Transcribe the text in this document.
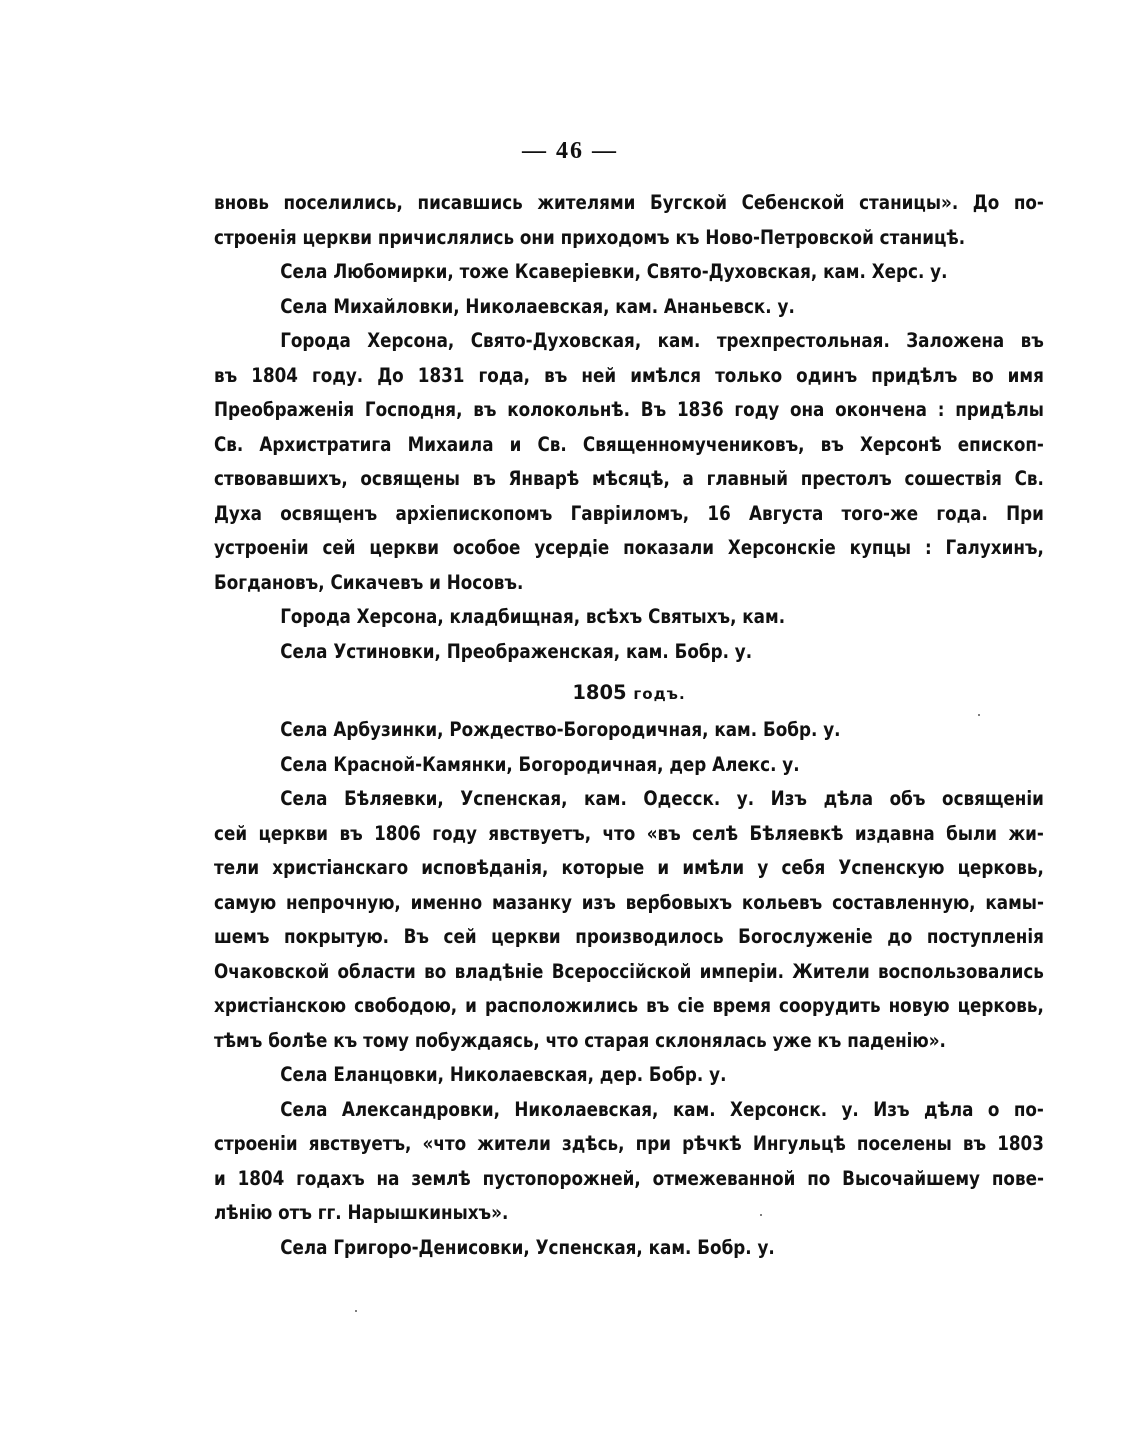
— 46 —
вновь поселились, писавшись жителями Бугской Себенской станицы». До по-
строенія церкви причислялись они приходомъ къ Ново-Петровской станицѣ.
Села Любомирки, тоже Ксаверіевки, Свято-Духовская, кам. Херс. у.
Села Михайловки, Николаевская, кам. Ананьевск. у.
Города Херсона, Свято-Духовская, кам. трехпрестольная. Заложена въ
въ 1804 году. До 1831 года, въ ней имѣлся только одинъ придѣлъ во имя
Преображенія Господня, въ колокольнѣ. Въ 1836 году она окончена : придѣлы
Св. Архистратига Михаила и Св. Священномучениковъ, въ Херсонѣ епископ-
ствовавшихъ, освящены въ Январѣ мѣсяцѣ, а главный престолъ сошествія Св.
Духа освященъ архіепископомъ Гавріиломъ, 16 Августа того-же года. При
устроеніи сей церкви особое усердіе показали Херсонскіе купцы : Галухинъ,
Богдановъ, Сикачевъ и Носовъ.
Города Херсона, кладбищная, всѣхъ Святыхъ, кам.
Села Устиновки, Преображенская, кам. Бобр. у.
1805 годъ.
Села Арбузинки, Рождество-Богородичная, кам. Бобр. у.
Села Красной-Камянки, Богородичная, дер Алекс. у.
Села Бѣляевки, Успенская, кам. Одесск. у. Изъ дѣла объ освященіи
сей церкви въ 1806 году явствуетъ, что «въ селѣ Бѣляевкѣ издавна были жи-
тели христіанскаго исповѣданія, которые и имѣли у себя Успенскую церковь,
самую непрочную, именно мазанку изъ вербовыхъ кольевъ составленную, камы-
шемъ покрытую. Въ сей церкви производилось Богослуженіе до поступленія
Очаковской области во владѣніе Всероссійской имперіи. Жители воспользовались
христіанскою свободою, и расположились въ сіе время соорудить новую церковь,
тѣмъ болѣе къ тому побуждаясь, что старая склонялась уже къ паденію».
Села Еланцовки, Николаевская, дер. Бобр. у.
Села Александровки, Николаевская, кам. Херсонск. у. Изъ дѣла о по-
строеніи явствуетъ, «что жители здѣсь, при рѣчкѣ Ингульцѣ поселены въ 1803
и 1804 годахъ на землѣ пустопорожней, отмежеванной по Высочайшему пове-
лѣнію отъ гг. Нарышкиныхъ».
Села Григоро-Денисовки, Успенская, кам. Бобр. у.
